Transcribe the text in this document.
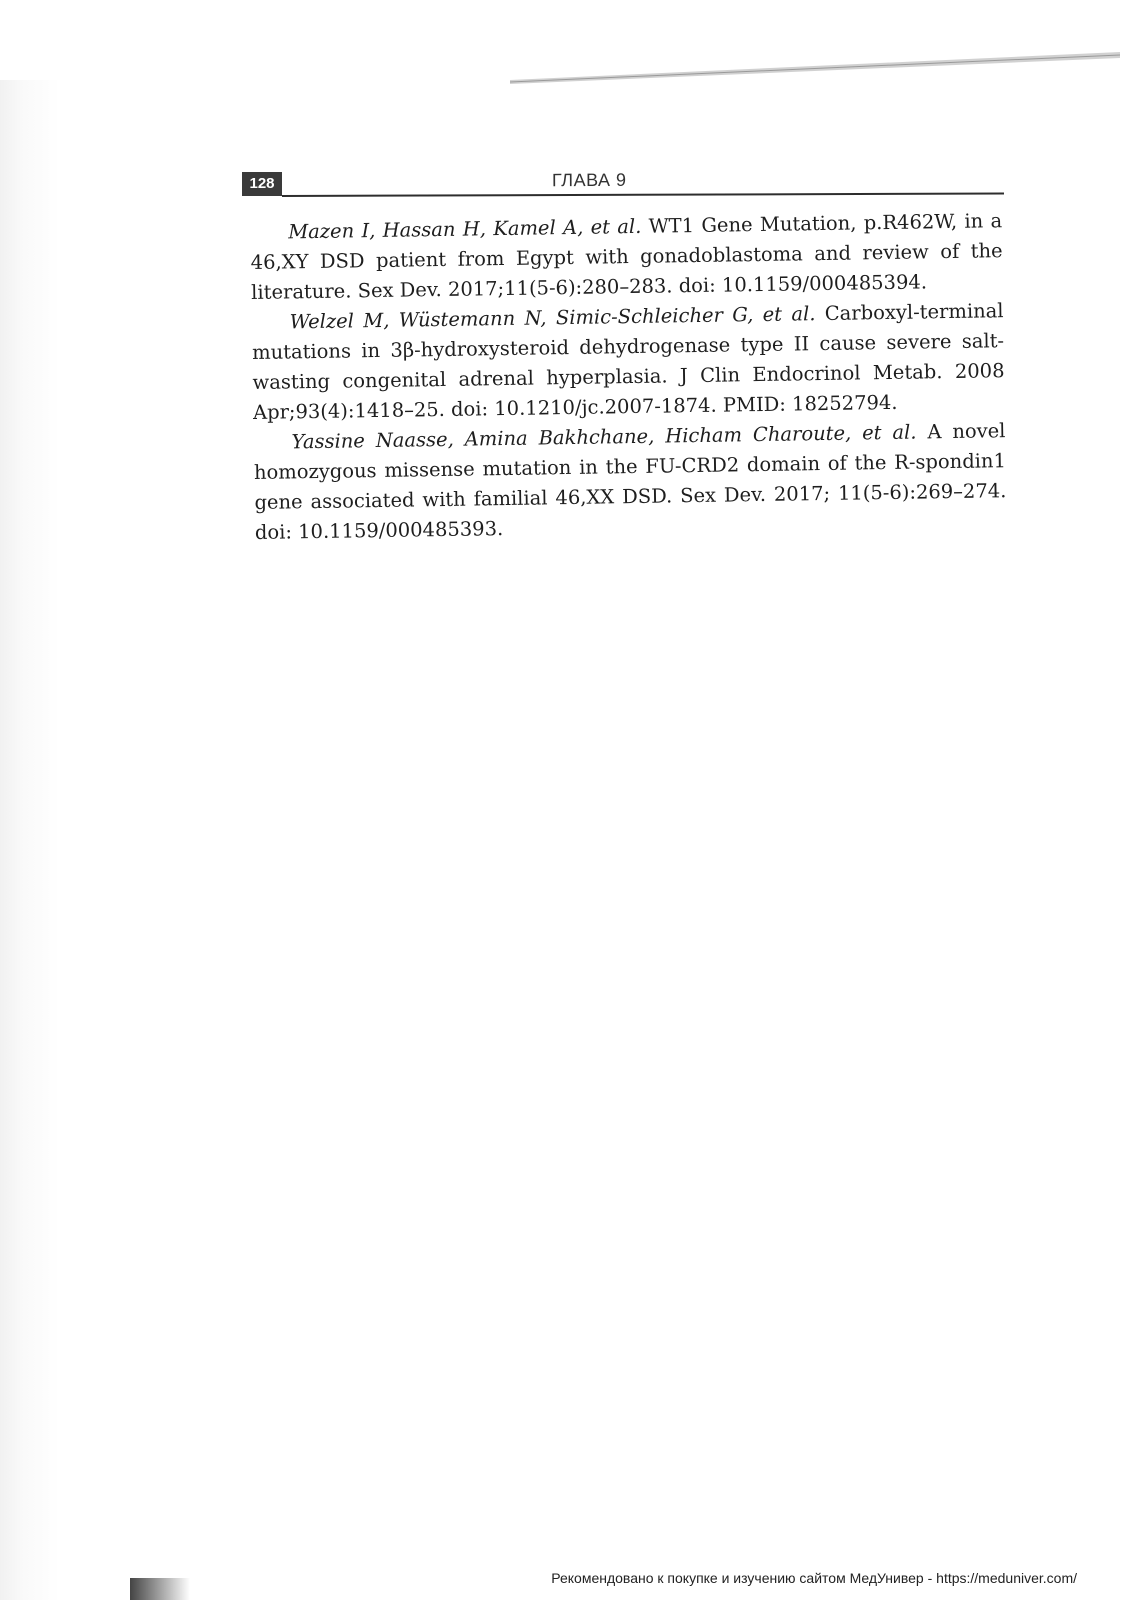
128	ГЛАВА 9

Mazen I, Hassan H, Kamel A, et al. WT1 Gene Mutation, p.R462W, in a 46,XY DSD patient from Egypt with gonadoblastoma and review of the literature. Sex Dev. 2017;11(5-6):280–283. doi: 10.1159/000485394.

Welzel M, Wüstemann N, Simic-Schleicher G, et al. Carboxyl-terminal mutations in 3β-hydroxysteroid dehydrogenase type II cause severe salt-wasting congenital adrenal hyperplasia. J Clin Endocrinol Metab. 2008 Apr;93(4):1418–25. doi: 10.1210/jc.2007-1874. PMID: 18252794.

Yassine Naasse, Amina Bakhchane, Hicham Charoute, et al. A novel homozygous missense mutation in the FU-CRD2 domain of the R-spondin1 gene associated with familial 46,XX DSD. Sex Dev. 2017; 11(5-6):269–274. doi: 10.1159/000485393.

Рекомендовано к покупке и изучению сайтом МедУнивер - https://meduniver.com/
